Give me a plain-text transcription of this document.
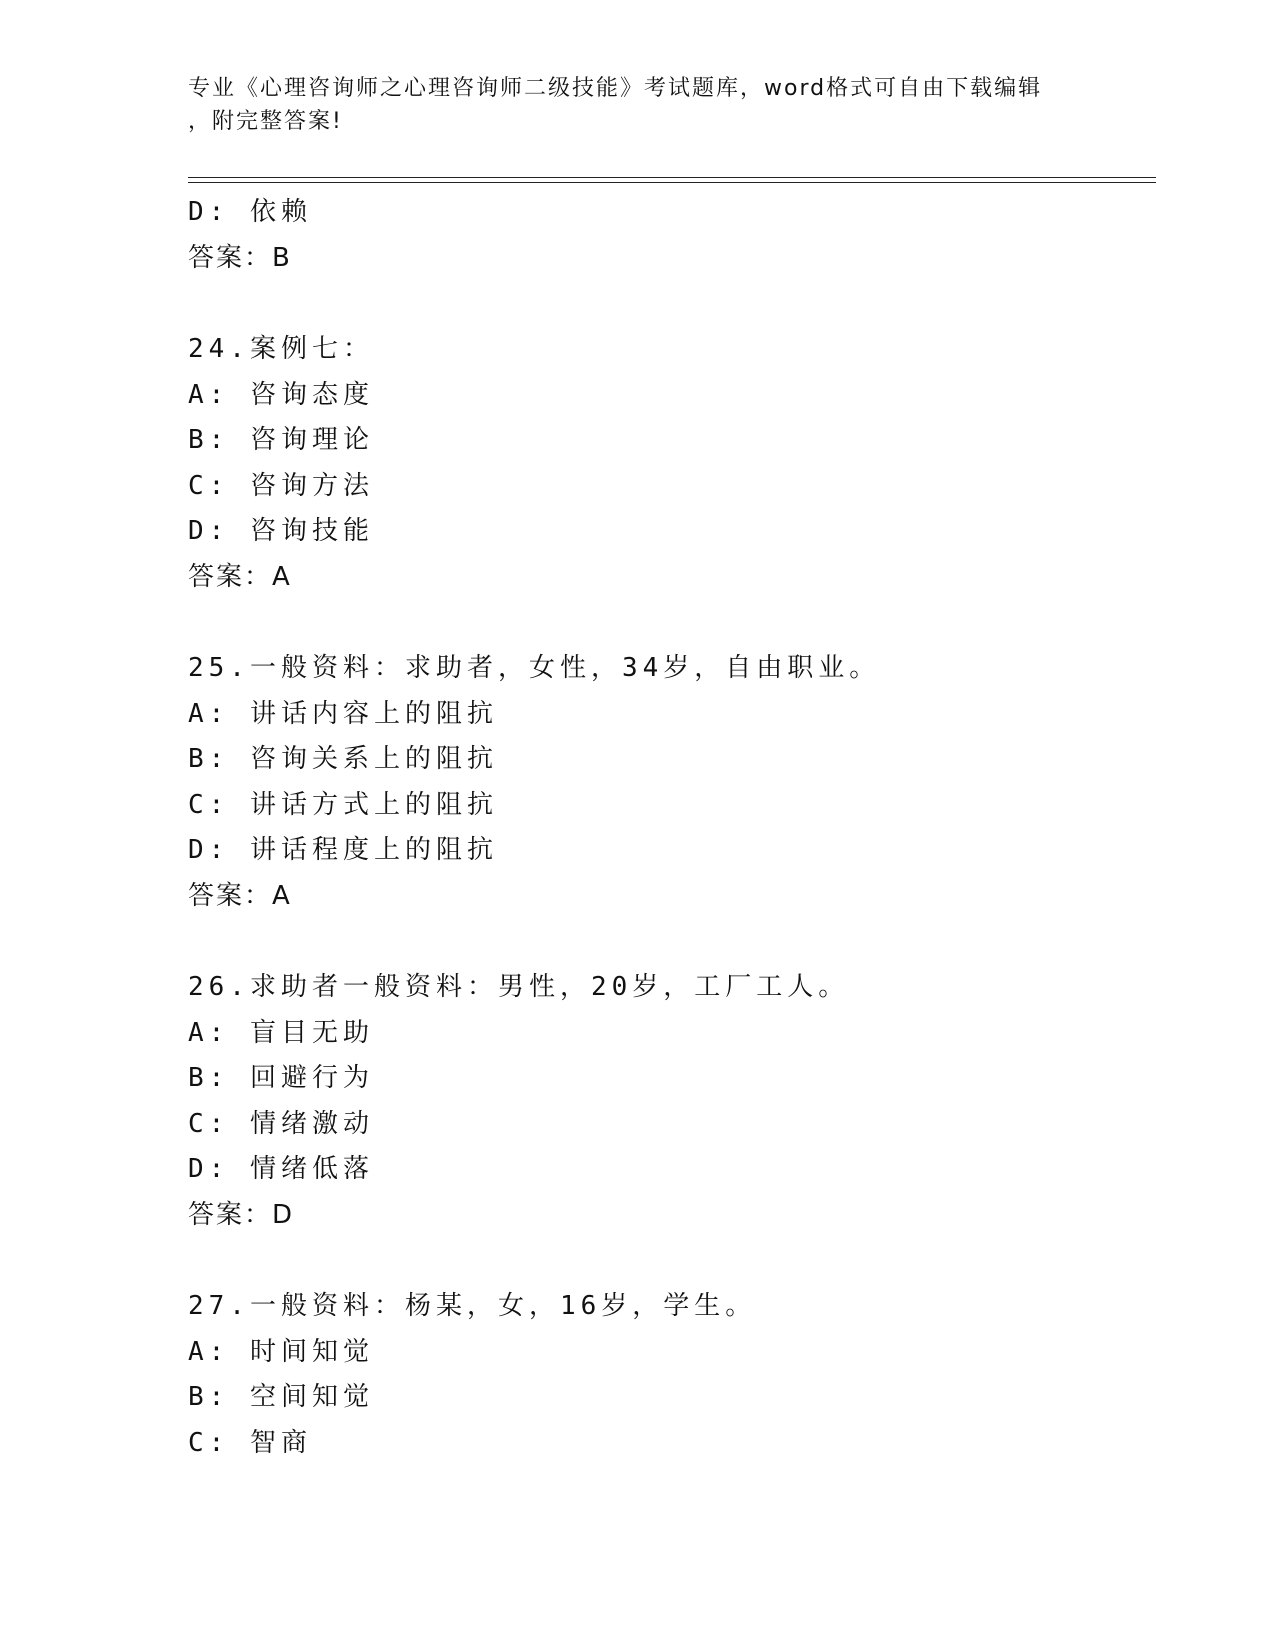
专业《心理咨询师之心理咨询师二级技能》考试题库，word格式可自由下载编辑
，附完整答案!
D: 依赖
答案：B
24.案例七：
A: 咨询态度
B: 咨询理论
C: 咨询方法
D: 咨询技能
答案：A
25.一般资料：求助者，女性，34岁，自由职业。
A: 讲话内容上的阻抗
B: 咨询关系上的阻抗
C: 讲话方式上的阻抗
D: 讲话程度上的阻抗
答案：A
26.求助者一般资料：男性，20岁，工厂工人。
A: 盲目无助
B: 回避行为
C: 情绪激动
D: 情绪低落
答案：D
27.一般资料：杨某，女，16岁，学生。
A: 时间知觉
B: 空间知觉
C: 智商
